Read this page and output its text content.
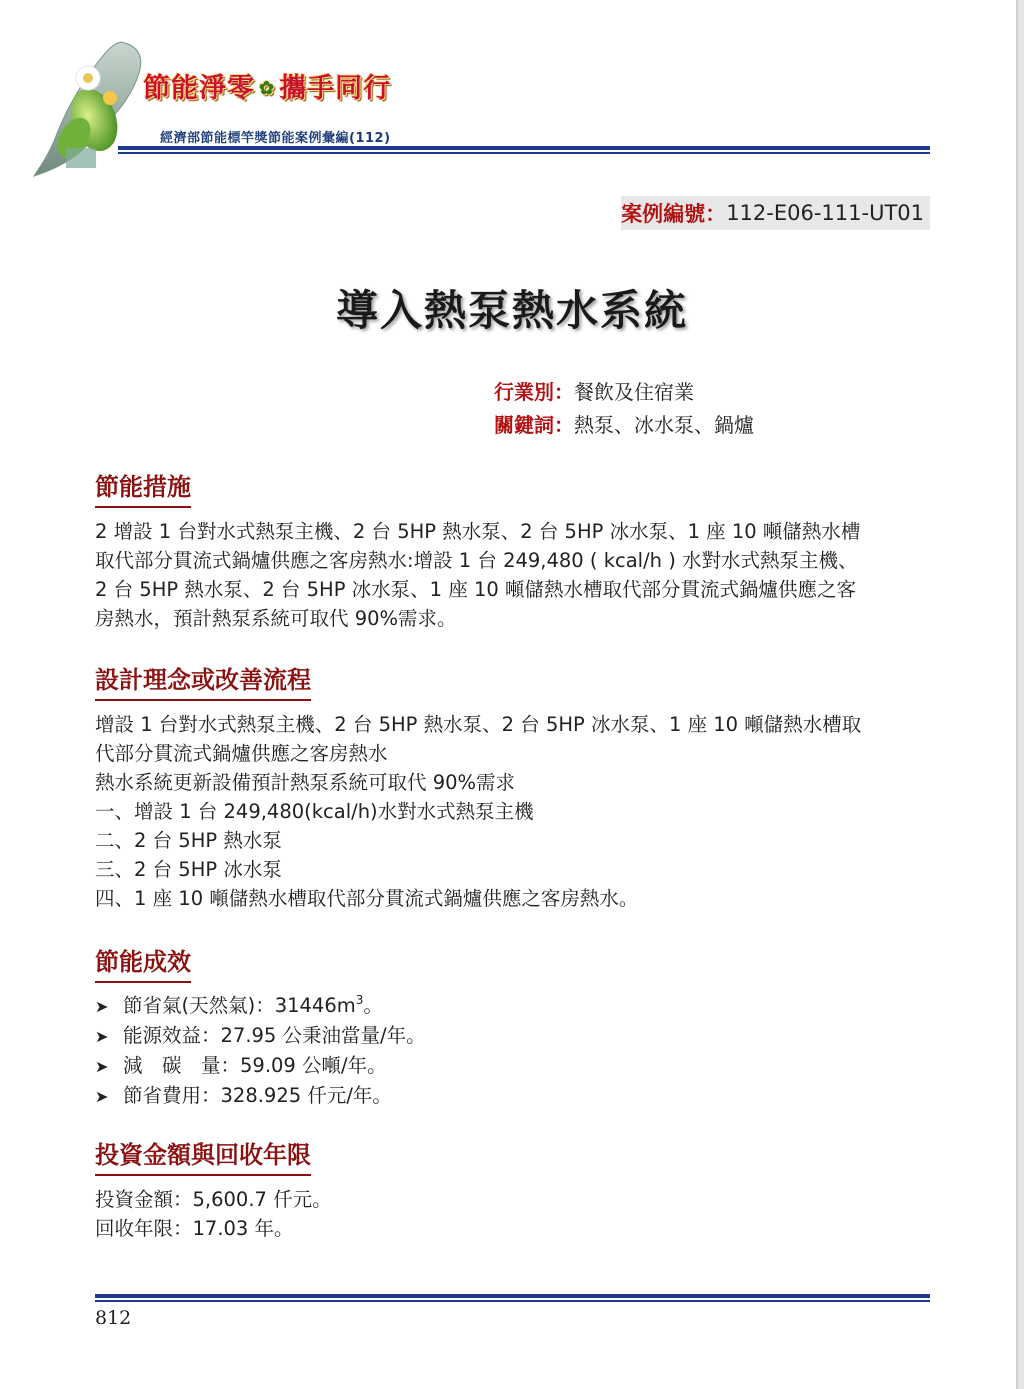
節能淨零 ✿ 攜手同行
經濟部節能標竿獎節能案例彙編(112)
案例編號： 112-E06-111-UT01
導入熱泵熱水系統
行業別：餐飲及住宿業
關鍵詞：熱泵、冰水泵、鍋爐
節能措施
2 增設 1 台對水式熱泵主機、2 台 5HP 熱水泵、2 台 5HP 冰水泵、1 座 10 噸儲熱水槽
取代部分貫流式鍋爐供應之客房熱水:增設 1 台 249,480 ( kcal/h ) 水對水式熱泵主機、
2 台 5HP 熱水泵、2 台 5HP 冰水泵、1 座 10 噸儲熱水槽取代部分貫流式鍋爐供應之客
房熱水，預計熱泵系統可取代 90%需求。
設計理念或改善流程
增設 1 台對水式熱泵主機、2 台 5HP 熱水泵、2 台 5HP 冰水泵、1 座 10 噸儲熱水槽取
代部分貫流式鍋爐供應之客房熱水
熱水系統更新設備預計熱泵系統可取代 90%需求
一、增設 1 台 249,480(kcal/h)水對水式熱泵主機
二、2 台 5HP 熱水泵
三、2 台 5HP 冰水泵
四、1 座 10 噸儲熱水槽取代部分貫流式鍋爐供應之客房熱水。
節能成效
➤ 節省氣(天然氣)：$31446m^3$。
➤ 能源效益：27.95 公秉油當量/年。
➤ 減　碳　量：59.09 公噸/年。
➤ 節省費用：328.925 仟元/年。
投資金額與回收年限
投資金額：5,600.7 仟元。
回收年限：17.03 年。
812
